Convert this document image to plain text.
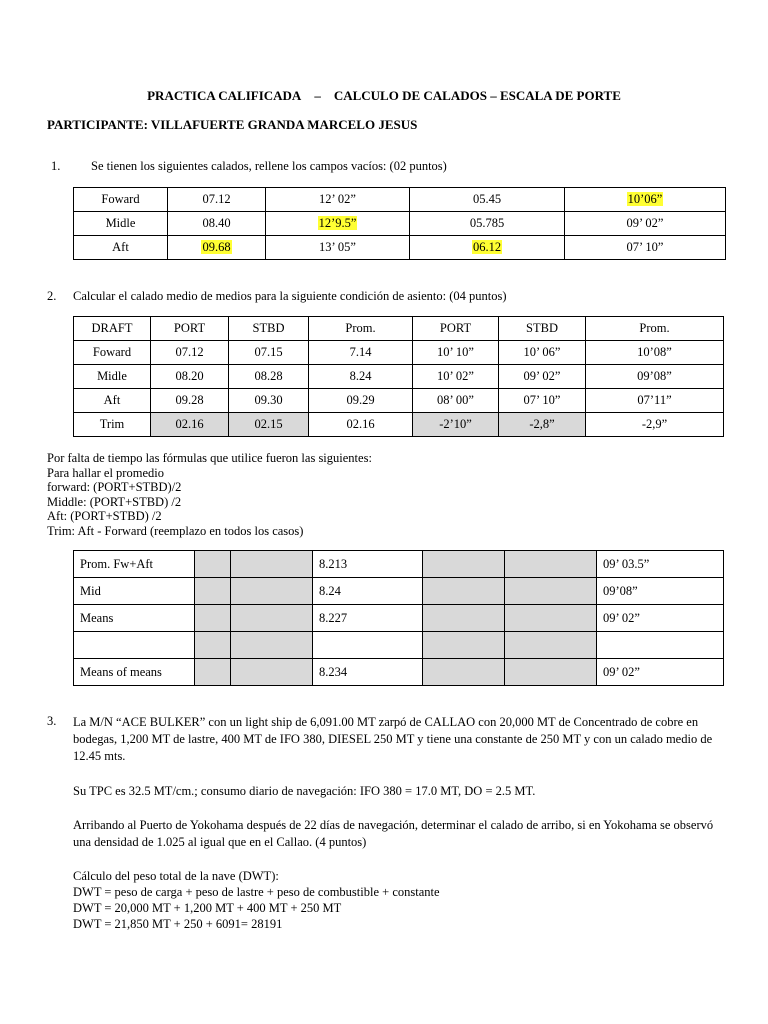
PRACTICA CALIFICADA – CALCULO DE CALADOS – ESCALA DE PORTE
PARTICIPANTE: VILLAFUERTE GRANDA MARCELO JESUS
1. Se tienen los siguientes calados, rellene los campos vacíos: (02 puntos)
Foward	07.12	12’ 02”	05.45	10’06”
Midle	08.40	12’9.5”	05.785	09’ 02”
Aft	09.68	13’ 05”	06.12	07’ 10”
2. Calcular el calado medio de medios para la siguiente condición de asiento: (04 puntos)
DRAFT	PORT	STBD	Prom.	PORT	STBD	Prom.
Foward	07.12	07.15	7.14	10’ 10”	10’ 06”	10’08”
Midle	08.20	08.28	8.24	10’ 02”	09’ 02”	09’08”
Aft	09.28	09.30	09.29	08’ 00”	07’ 10”	07’11”
Trim	02.16	02.15	02.16	-2’10”	-2,8”	-2,9”
Por falta de tiempo las fórmulas que utilice fueron las siguientes:
Para hallar el promedio
forward: (PORT+STBD)/2
Middle: (PORT+STBD) /2
Aft: (PORT+STBD) /2
Trim: Aft - Forward (reemplazo en todos los casos)
Prom. Fw+Aft			8.213			09’ 03.5”
Mid			8.24			09’08”
Means			8.227			09’ 02”

Means of means			8.234			09’ 02”
3. La M/N “ACE BULKER” con un light ship de 6,091.00 MT zarpó de CALLAO con 20,000 MT de Concentrado de cobre en bodegas, 1,200 MT de lastre, 400 MT de IFO 380, DIESEL 250 MT y tiene una constante de 250 MT y con un calado medio de 12.45 mts.
Su TPC es 32.5 MT/cm.; consumo diario de navegación: IFO 380 = 17.0 MT, DO = 2.5 MT.
Arribando al Puerto de Yokohama después de 22 días de navegación, determinar el calado de arribo, si en Yokohama se observó una densidad de 1.025 al igual que en el Callao. (4 puntos)
Cálculo del peso total de la nave (DWT):
DWT = peso de carga + peso de lastre + peso de combustible + constante
DWT = 20,000 MT + 1,200 MT + 400 MT + 250 MT
DWT = 21,850 MT + 250 + 6091= 28191
